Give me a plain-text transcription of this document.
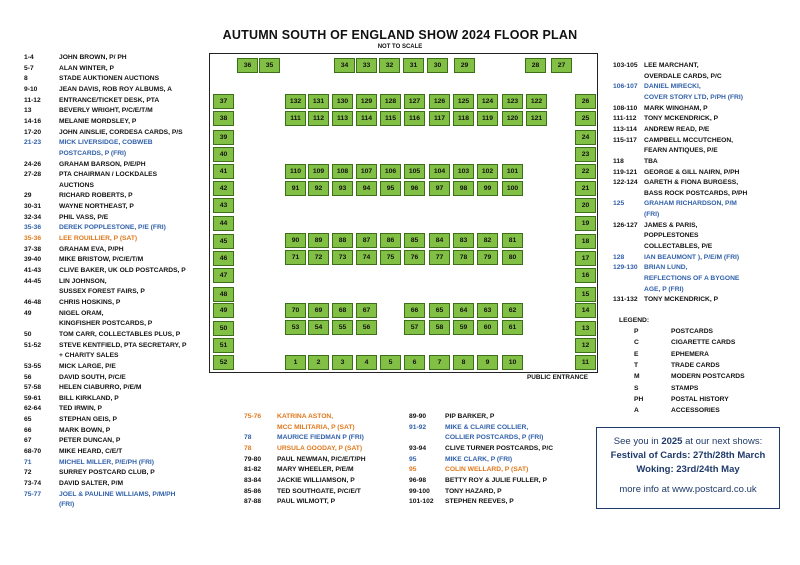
AUTUMN SOUTH OF ENGLAND SHOW 2024 FLOOR PLAN
NOT TO SCALE
1-4	JOHN BROWN, P/ PH
5-7	ALAN WINTER, P
8	STADE AUKTIONEN AUCTIONS
9-10	JEAN DAVIS, ROB ROY ALBUMS, A
11-12	ENTRANCE/TICKET DESK, PTA
13	BEVERLY WRIGHT, P/C/E/T/M
14-16	MELANIE MORDSLEY, P
17-20	JOHN AINSLIE, CORDESA CARDS, P/S
21-23	MICK LIVERSIDGE, COBWEB
POSTCARDS, P (FRI)
24-26	GRAHAM BARSON, P/E/PH
27-28	PTA CHAIRMAN / LOCKDALES
AUCTIONS
29	RICHARD ROBERTS, P
30-31	WAYNE NORTHEAST, P
32-34	PHIL VASS, P/E
35-36	DEREK POPPLESTONE, P/E (FRI)
35-36	LEE ROUILLIER, P (SAT)
37-38	GRAHAM EVA, P/PH
39-40	MIKE BRISTOW, P/C/E/T/M
41-43	CLIVE BAKER, UK OLD POSTCARDS, P
44-45	LIN JOHNSON,
SUSSEX FOREST FAIRS, P
46-48	CHRIS HOSKINS, P
49	NIGEL ORAM,
KINGFISHER POSTCARDS, P
50	TOM CARR, COLLECTABLES PLUS, P
51-52	STEVE KENTFIELD, PTA SECRETARY, P
+ CHARITY SALES
53-55	MICK LARGE, P/E
56	DAVID SOUTH, P/C/E
57-58	HELEN CIABURRO, P/E/M
59-61	BILL KIRKLAND, P
62-64	TED IRWIN, P
65	STEPHAN GEIS, P
66	MARK BOWN, P
67	PETER DUNCAN, P
68-70	MIKE HEARD, C/E/T
71	MICHEL MILLER, P/E/PH (FRI)
72	SURREY POSTCARD CLUB, P
73-74	DAVID SALTER, P/M
75-77	JOEL & PAULINE WILLIAMS, P/M/PH
(FRI)
75-76 KATRINA ASTON,
MCC MILITARIA, P (SAT)
78	MAURICE FIEDMAN P (FRI)
78	URSULA GOODAY, P (SAT)
79-80 PAUL NEWMAN, P/C/E/T/PH
81-82 MARY WHEELER, P/E/M
83-84 JACKIE WILLIAMSON, P
85-86 TED SOUTHGATE, P/C/E/T
87-88 PAUL WILMOTT, P
89-90	PIP BARKER, P
91-92	MIKE & CLAIRE COLLIER,
COLLIER POSTCARDS, P (FRI)
93-94	CLIVE TURNER POSTCARDS, P/C
95	MIKE CLARK, P (FRI)
95	COLIN WELLARD, P (SAT)
96-98	BETTY ROY & JULIE FULLER, P
99-100 TONY HAZARD, P
101-102 STEPHEN REEVES, P
103-105 LEE MARCHANT,
OVERDALE CARDS, P/C
106-107 DANIEL MIRECKI,
COVER STORY LTD, P/PH (FRI)
108-110 MARK WINGHAM, P
111-112 TONY MCKENDRICK, P
113-114 ANDREW READ, P/E
115-117 CAMPBELL MCCUTCHEON,
FEARN ANTIQUES, P/E
118	TBA
119-121 GEORGE & GILL NAIRN, P/PH
122-124 GARETH & FIONA BURGESS,
BASS ROCK POSTCARDS, P/PH
125	GRAHAM RICHARDSON, P/M
(FRI)
126-127 JAMES & PARIS,
POPPLESTONES
COLLECTABLES, P/E
128	IAN BEAUMONT ), P/E/M (FRI)
129-130 BRIAN LUND,
REFLECTIONS OF A BYGONE
AGE, P (FRI)
131-132 TONY MCKENDRICK, P
36	35	34	33	32	31	30	29	28	27
37
38
39
40
41
42
43
44
45
46
47
48
49
50
51
52
26
25
24
23
22
21
20
19
18
17
16
15
14
13
12
11
132	131	130	129	128	127	126	125	124	123	122
111	112	113	114	115	116	117	118	119	120	121
110	109	108	107	106	105	104	103	102	101
91	92	93	94	95	96	97	98	99	100
90	89	88	87	86	85	84	83	82	81
71	72	73	74	75	76	77	78	79	80
70	69	68	67
53	54	55	56
66	65	64	63	62
57	58	59	60	61
1	2	3	4	5	6	7	8	9	10
PUBLIC ENTRANCE
LEGEND:
P	POSTCARDS
C	CIGARETTE CARDS
E	EPHEMERA
T	TRADE CARDS
M	MODERN POSTCARDS
S	STAMPS
PH	POSTAL HISTORY
A	ACCESSORIES
See you in 2025 at our next shows:
Festival of Cards: 27th/28th March
Woking: 23rd/24th May
more info at www.postcard.co.uk
